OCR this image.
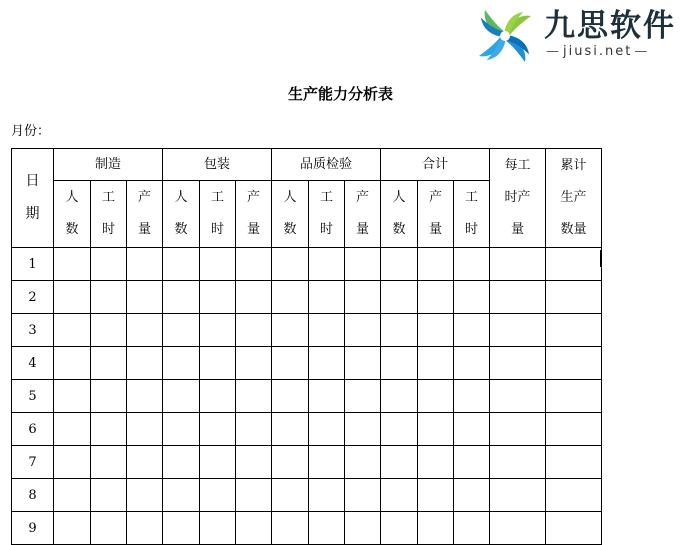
九思软件
— jiusi.net —
生产能力分析表
月份：
日期	制造			包装			品质检验			合计			每工时产量	累计生产数量
	人数	工时	产量	人数	工时	产量	人数	工时	产量	人数	产量	工时		
1														
2														
3														
4														
5														
6														
7														
8														
9														
